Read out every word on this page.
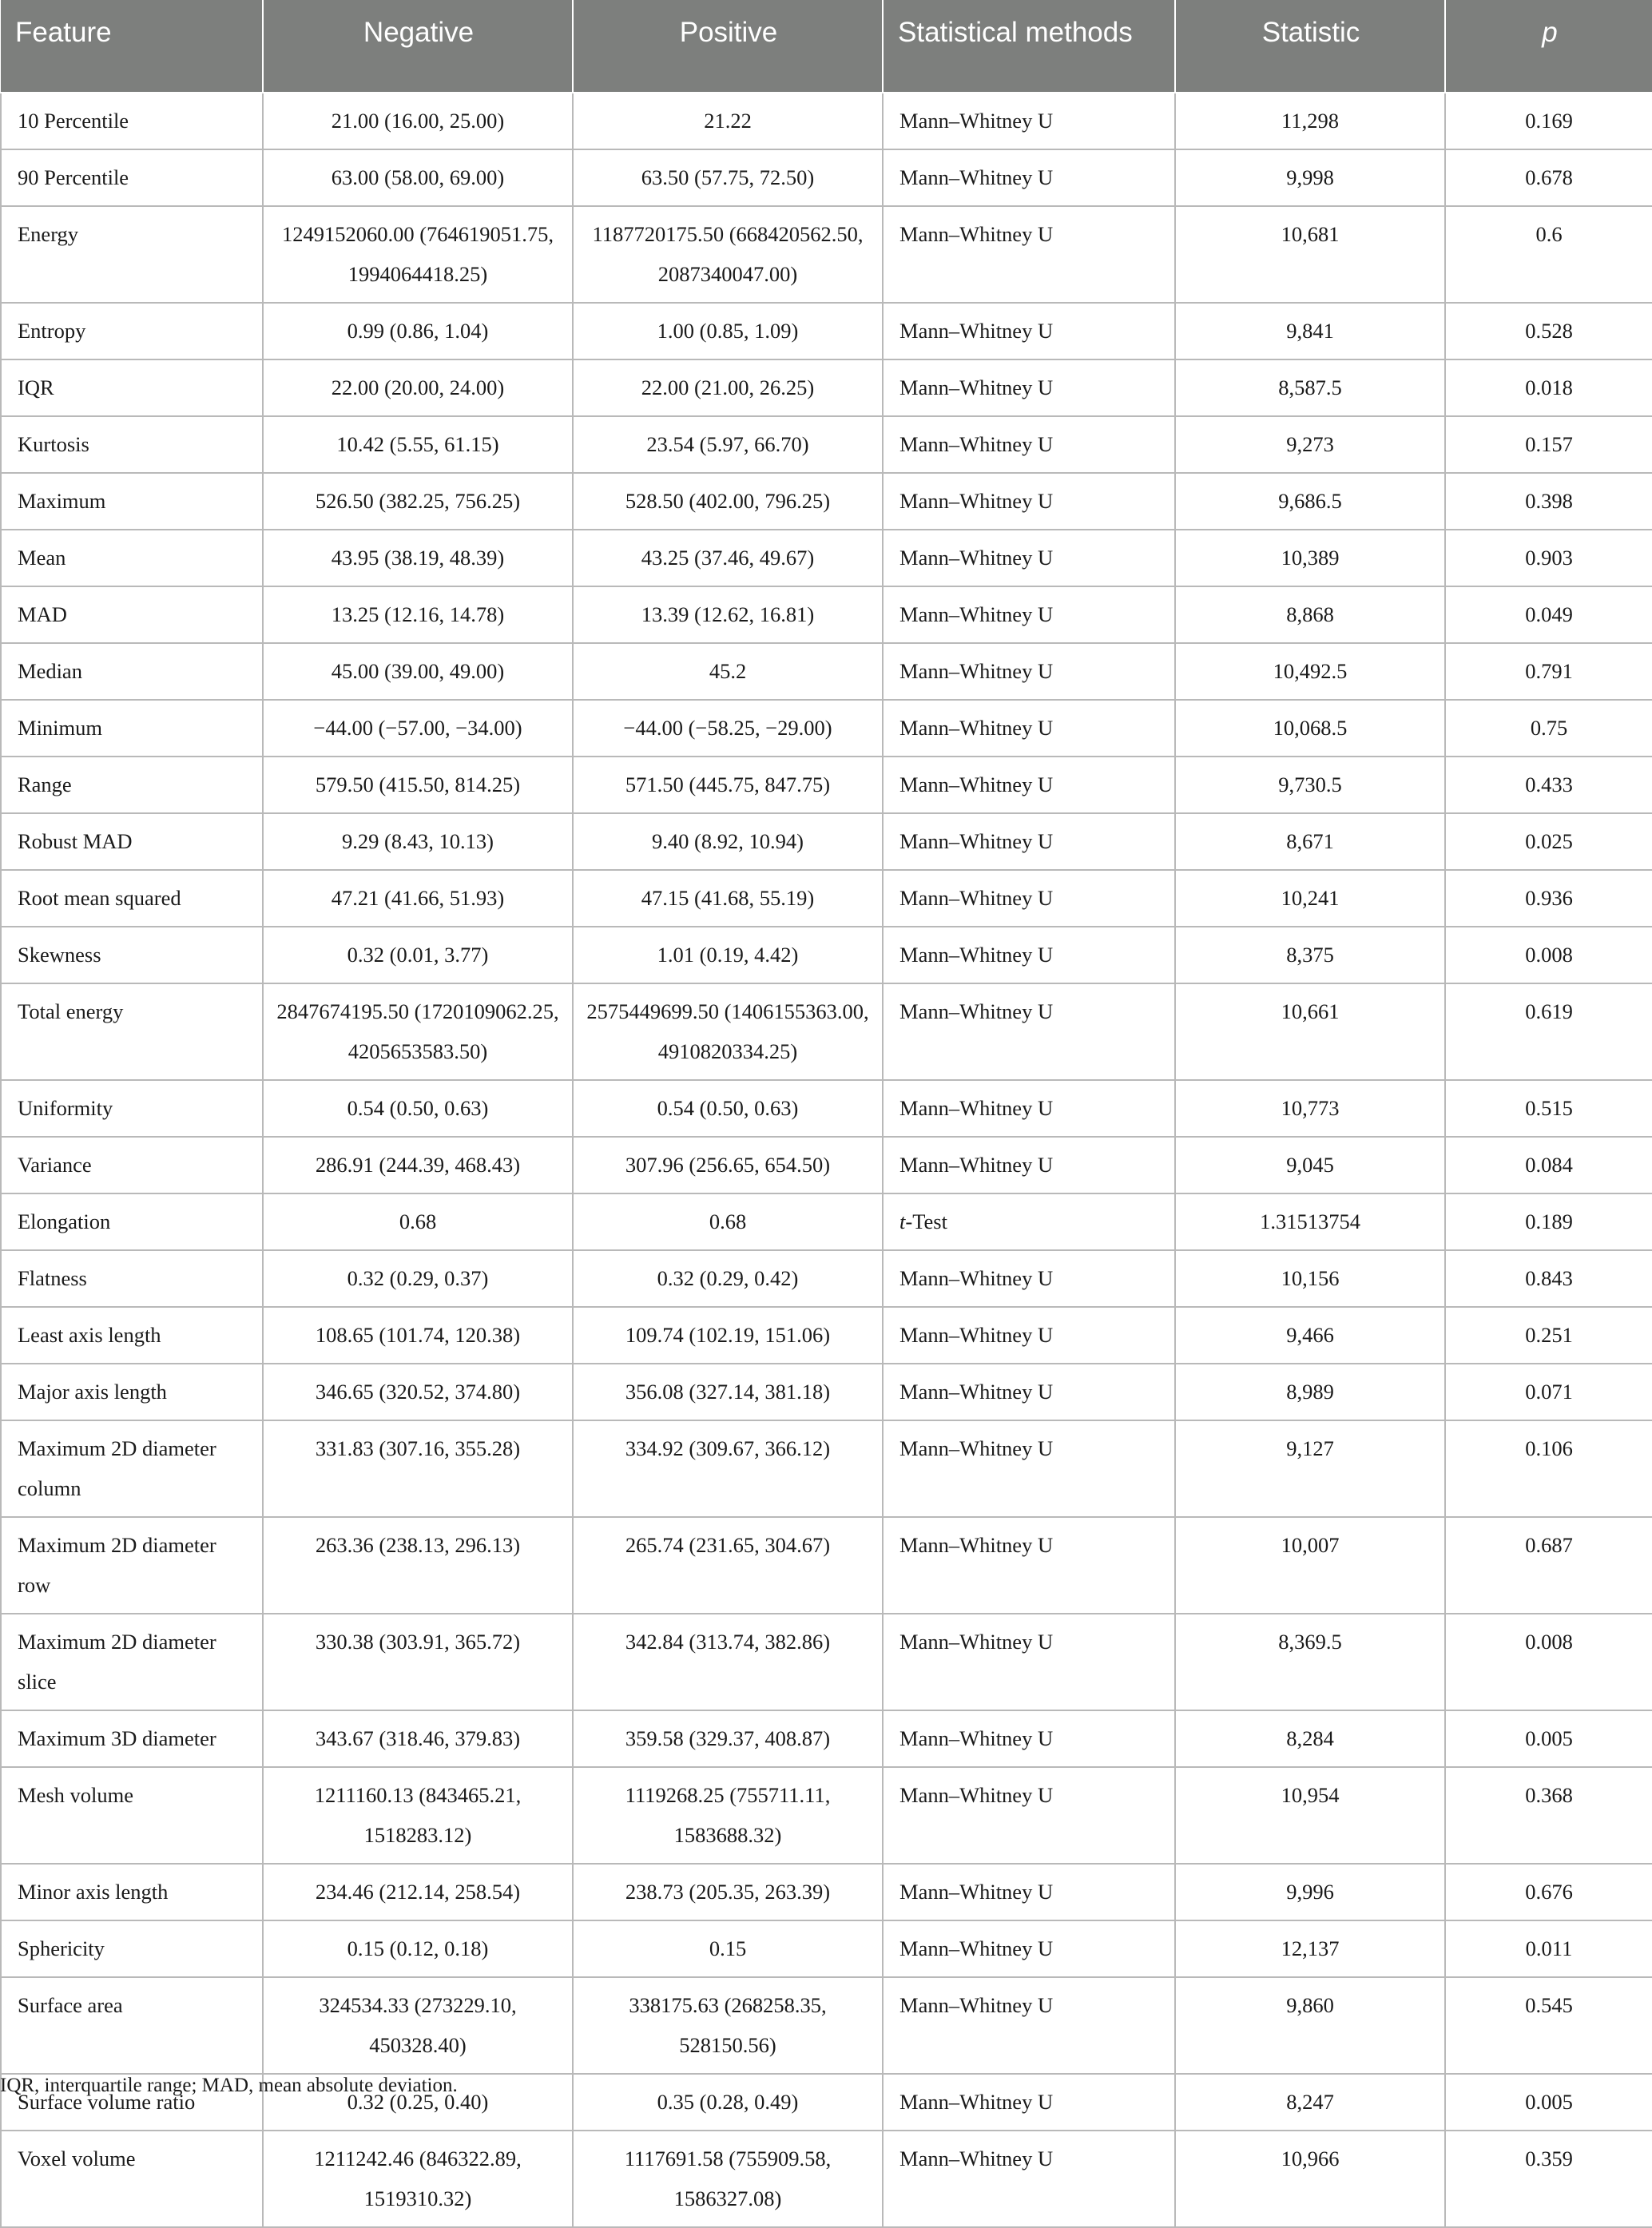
Feature	Negative	Positive	Statistical methods	Statistic	p
10 Percentile	21.00 (16.00, 25.00)	21.22	Mann–Whitney U	11,298	0.169
90 Percentile	63.00 (58.00, 69.00)	63.50 (57.75, 72.50)	Mann–Whitney U	9,998	0.678
Energy	1249152060.00 (764619051.75, 1994064418.25)	1187720175.50 (668420562.50, 2087340047.00)	Mann–Whitney U	10,681	0.6
Entropy	0.99 (0.86, 1.04)	1.00 (0.85, 1.09)	Mann–Whitney U	9,841	0.528
IQR	22.00 (20.00, 24.00)	22.00 (21.00, 26.25)	Mann–Whitney U	8,587.5	0.018
Kurtosis	10.42 (5.55, 61.15)	23.54 (5.97, 66.70)	Mann–Whitney U	9,273	0.157
Maximum	526.50 (382.25, 756.25)	528.50 (402.00, 796.25)	Mann–Whitney U	9,686.5	0.398
Mean	43.95 (38.19, 48.39)	43.25 (37.46, 49.67)	Mann–Whitney U	10,389	0.903
MAD	13.25 (12.16, 14.78)	13.39 (12.62, 16.81)	Mann–Whitney U	8,868	0.049
Median	45.00 (39.00, 49.00)	45.2	Mann–Whitney U	10,492.5	0.791
Minimum	−44.00 (−57.00, −34.00)	−44.00 (−58.25, −29.00)	Mann–Whitney U	10,068.5	0.75
Range	579.50 (415.50, 814.25)	571.50 (445.75, 847.75)	Mann–Whitney U	9,730.5	0.433
Robust MAD	9.29 (8.43, 10.13)	9.40 (8.92, 10.94)	Mann–Whitney U	8,671	0.025
Root mean squared	47.21 (41.66, 51.93)	47.15 (41.68, 55.19)	Mann–Whitney U	10,241	0.936
Skewness	0.32 (0.01, 3.77)	1.01 (0.19, 4.42)	Mann–Whitney U	8,375	0.008
Total energy	2847674195.50 (1720109062.25, 4205653583.50)	2575449699.50 (1406155363.00, 4910820334.25)	Mann–Whitney U	10,661	0.619
Uniformity	0.54 (0.50, 0.63)	0.54 (0.50, 0.63)	Mann–Whitney U	10,773	0.515
Variance	286.91 (244.39, 468.43)	307.96 (256.65, 654.50)	Mann–Whitney U	9,045	0.084
Elongation	0.68	0.68	t-Test	1.31513754	0.189
Flatness	0.32 (0.29, 0.37)	0.32 (0.29, 0.42)	Mann–Whitney U	10,156	0.843
Least axis length	108.65 (101.74, 120.38)	109.74 (102.19, 151.06)	Mann–Whitney U	9,466	0.251
Major axis length	346.65 (320.52, 374.80)	356.08 (327.14, 381.18)	Mann–Whitney U	8,989	0.071
Maximum 2D diameter column	331.83 (307.16, 355.28)	334.92 (309.67, 366.12)	Mann–Whitney U	9,127	0.106
Maximum 2D diameter row	263.36 (238.13, 296.13)	265.74 (231.65, 304.67)	Mann–Whitney U	10,007	0.687
Maximum 2D diameter slice	330.38 (303.91, 365.72)	342.84 (313.74, 382.86)	Mann–Whitney U	8,369.5	0.008
Maximum 3D diameter	343.67 (318.46, 379.83)	359.58 (329.37, 408.87)	Mann–Whitney U	8,284	0.005
Mesh volume	1211160.13 (843465.21, 1518283.12)	1119268.25 (755711.11, 1583688.32)	Mann–Whitney U	10,954	0.368
Minor axis length	234.46 (212.14, 258.54)	238.73 (205.35, 263.39)	Mann–Whitney U	9,996	0.676
Sphericity	0.15 (0.12, 0.18)	0.15	Mann–Whitney U	12,137	0.011
Surface area	324534.33 (273229.10, 450328.40)	338175.63 (268258.35, 528150.56)	Mann–Whitney U	9,860	0.545
Surface volume ratio	0.32 (0.25, 0.40)	0.35 (0.28, 0.49)	Mann–Whitney U	8,247	0.005
Voxel volume	1211242.46 (846322.89, 1519310.32)	1117691.58 (755909.58, 1586327.08)	Mann–Whitney U	10,966	0.359
IQR, interquartile range; MAD, mean absolute deviation.
